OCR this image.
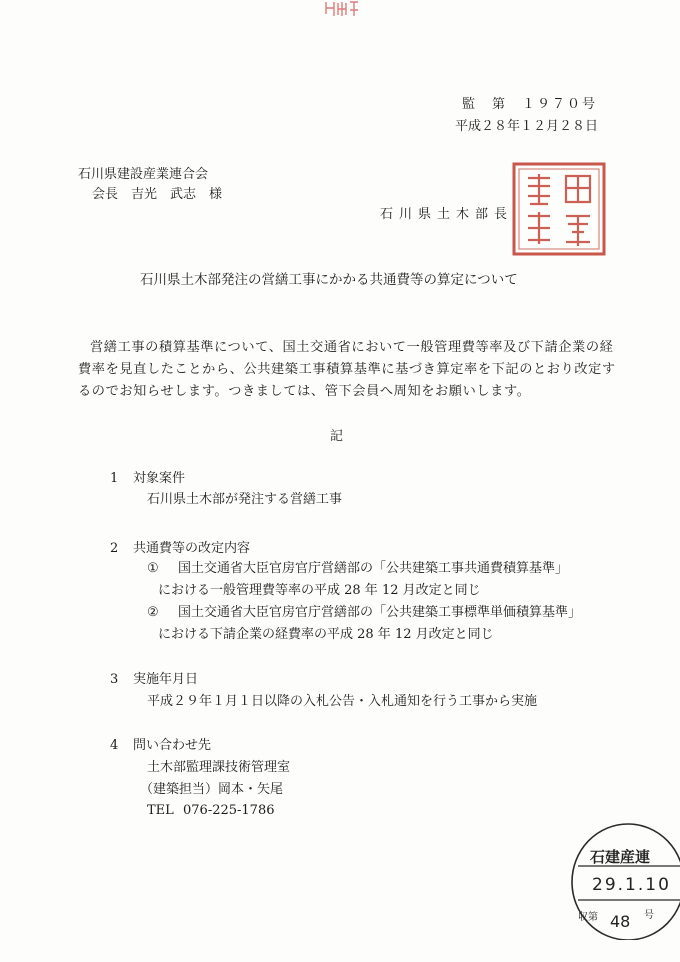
監　第　１９７０号
平成２８年１２月２８日
石川県建設産業連合会
会長　吉光　武志　様
石川県土木部長
石川県土木部発注の営繕工事にかかる共通費等の算定について
営繕工事の積算基準について、国土交通省において一般管理費等率及び下請企業の経
費率を見直したことから、公共建築工事積算基準に基づき算定率を下記のとおり改定す
るのでお知らせします。つきましては、管下会員へ周知をお願いします。
記
1 対象案件
石川県土木部が発注する営繕工事
2 共通費等の改定内容
① 国土交通省大臣官房官庁営繕部の「公共建築工事共通費積算基準」
における一般管理費等率の平成 28 年 12 月改定と同じ
② 国土交通省大臣官房官庁営繕部の「公共建築工事標準単価積算基準」
における下請企業の経費率の平成 28 年 12 月改定と同じ
3 実施年月日
平成２９年１月１日以降の入札公告・入札通知を行う工事から実施
4 問い合わせ先
土木部監理課技術管理室
（建築担当）岡本・矢尾
TEL 076-225-1786
石建産連
29.1.10
収第 48 号
